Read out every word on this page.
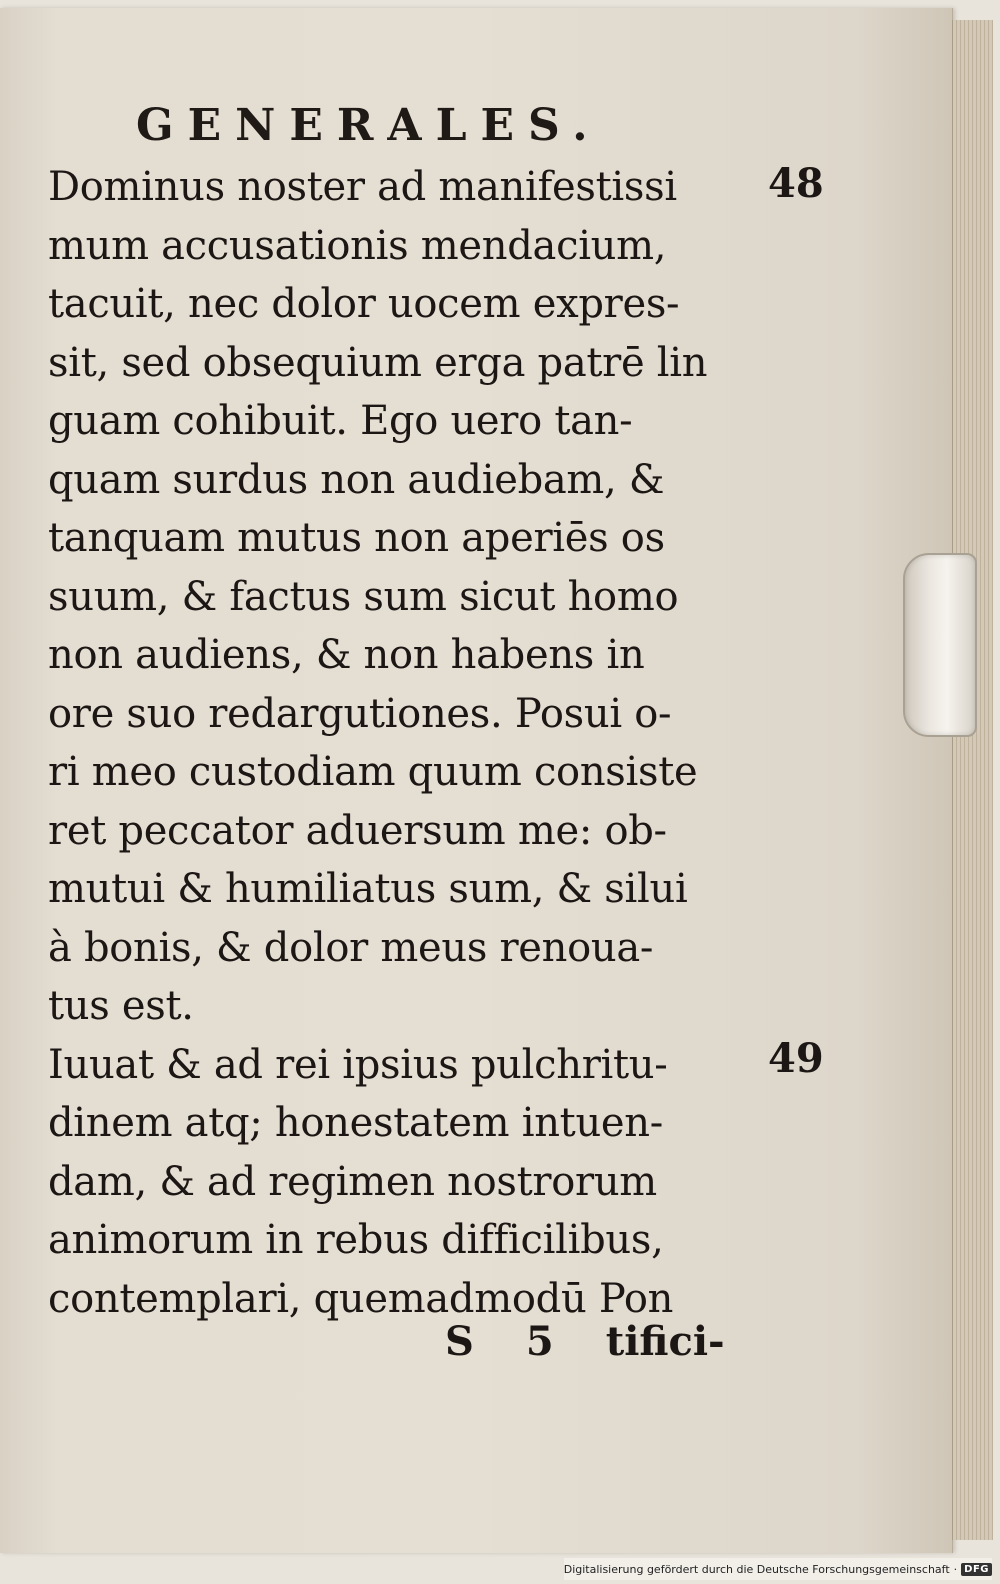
GENERALES.
Dominus noster ad manifestissi
mum accusationis mendacium,
tacuit, nec dolor uocem expres-
sit, sed obsequium erga patrē lin
guam cohibuit. Ego uero tan-
quam surdus non audiebam, &
tanquam mutus non aperiēs os
suum, & factus sum sicut homo
non audiens, & non habens in
ore suo redargutiones. Posui o-
ri meo custodiam quum consiste
ret peccator aduersum me: ob-
mutui & humiliatus sum, & silui
à bonis, & dolor meus renoua-
tus est.
Iuuat & ad rei ipsius pulchritu-
dinem atq; honestatem intuen-
dam, & ad regimen nostrorum
animorum in rebus difficilibus,
contemplari, quemadmodū Pon
48
49
S 5 tifici-
Digitalisierung gefördert durch die Deutsche Forschungsgemeinschaft · DFG
